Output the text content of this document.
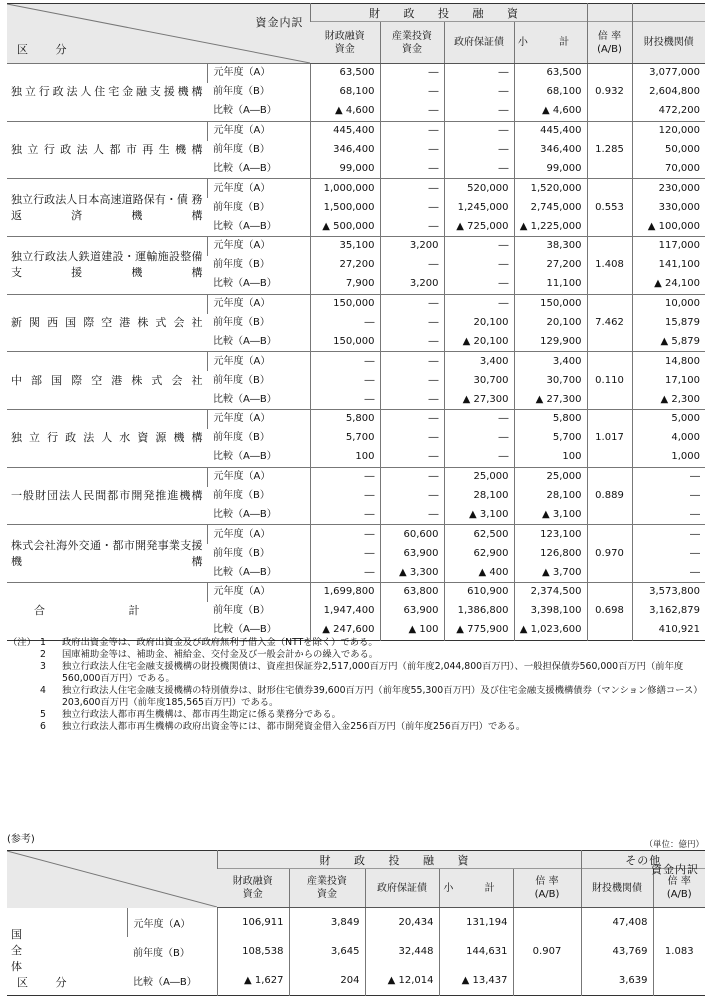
資金内訳
区 分		財 政 投 融 資					
		財政融資
資金	産業投資
資金	政府保証債	小 計	倍 率
(A/B)	財投機関債
独立行政法人住宅金融支援機構	元年度（A）	63,500	―	―	63,500	0.932	3,077,000
	前年度（B）	68,100	―	―	68,100		2,604,800
	比較（A―B）	▲ 4,600	―	―	▲ 4,600		472,200
独立行政法人都市再生機構	元年度（A）	445,400	―	―	445,400	1.285	120,000
	前年度（B）	346,400	―	―	346,400		50,000
	比較（A―B）	99,000	―	―	99,000		70,000
独立行政法人日本高速道路保有・債 務 返 済 機 構	元年度（A）	1,000,000	―	520,000	1,520,000	0.553	230,000
	前年度（B）	1,500,000	―	1,245,000	2,745,000		330,000
	比較（A―B）	▲ 500,000	―	▲ 725,000	▲ 1,225,000		▲ 100,000
独立行政法人鉄道建設・運輸施設整備支援機構	元年度（A）	35,100	3,200	―	38,300	1.408	117,000
	前年度（B）	27,200	―	―	27,200		141,100
	比較（A―B）	7,900	3,200	―	11,100		▲ 24,100
新関西国際空港株式会社	元年度（A）	150,000	―	―	150,000	7.462	10,000
	前年度（B）	―	―	20,100	20,100		15,879
	比較（A―B）	150,000	―	▲ 20,100	129,900		▲ 5,879
中部国際空港株式会社	元年度（A）	―	―	3,400	3,400	0.110	14,800
	前年度（B）	―	―	30,700	30,700		17,100
	比較（A―B）	―	―	▲ 27,300	▲ 27,300		▲ 2,300
独立行政法人水資源機構	元年度（A）	5,800	―	―	5,800	1.017	5,000
	前年度（B）	5,700	―	―	5,700		4,000
	比較（A―B）	100	―	―	100		1,000
一般財団法人民間都市開発推進機構	元年度（A）	―	―	25,000	25,000	0.889	―
	前年度（B）	―	―	28,100	28,100		―
	比較（A―B）	―	―	▲ 3,100	▲ 3,100		―
株式会社海外交通・都市開発事業支援機構	元年度（A）	―	60,600	62,500	123,100	0.970	―
	前年度（B）	―	63,900	62,900	126,800		―
	比較（A―B）	―	▲ 3,300	▲ 400	▲ 3,700		―
合 計	元年度（A）	1,699,800	63,800	610,900	2,374,500	0.698	3,573,800
	前年度（B）	1,947,400	63,900	1,386,800	3,398,100		3,162,879
	比較（A―B）	▲ 247,600	▲ 100	▲ 775,900	▲ 1,023,600		410,921
（注） 1	政府出資金等は、政府出資金及び政府無利子借入金（NTTを除く）である。
2	国庫補助金等は、補助金、補給金、交付金及び一般会計からの繰入である。
3	独立行政法人住宅金融支援機構の財投機関債は、資産担保証券2,517,000百万円（前年度2,044,800百万円）、一般担保債券560,000百万円（前年度560,000百万円）である。
4	独立行政法人住宅金融支援機構の特別債券は、財形住宅債券39,600百万円（前年度55,300百万円）及び住宅金融支援機構債券（マンション修繕コース）203,600百万円（前年度185,565百万円）である。
5	独立行政法人都市再生機構は、都市再生勘定に係る業務分である。
6	独立行政法人都市再生機構の政府出資金等には、都市開発資金借入金256百万円（前年度256百万円）である。
(参考)	（単位：億円）
資金内訳
区 分		財 政 投 融 資					その他	
		財政融資
資金	産業投資
資金	政府保証債	小 計	倍 率
(A/B)	財投機関債	倍 率
(A/B)
国 全 体	元年度（A）	106,911	3,849	20,434	131,194	0.907	47,408	1.083
	前年度（B）	108,538	3,645	32,448	144,631		43,769	
	比較（A―B）	▲ 1,627	204	▲ 12,014	▲ 13,437		3,639	
